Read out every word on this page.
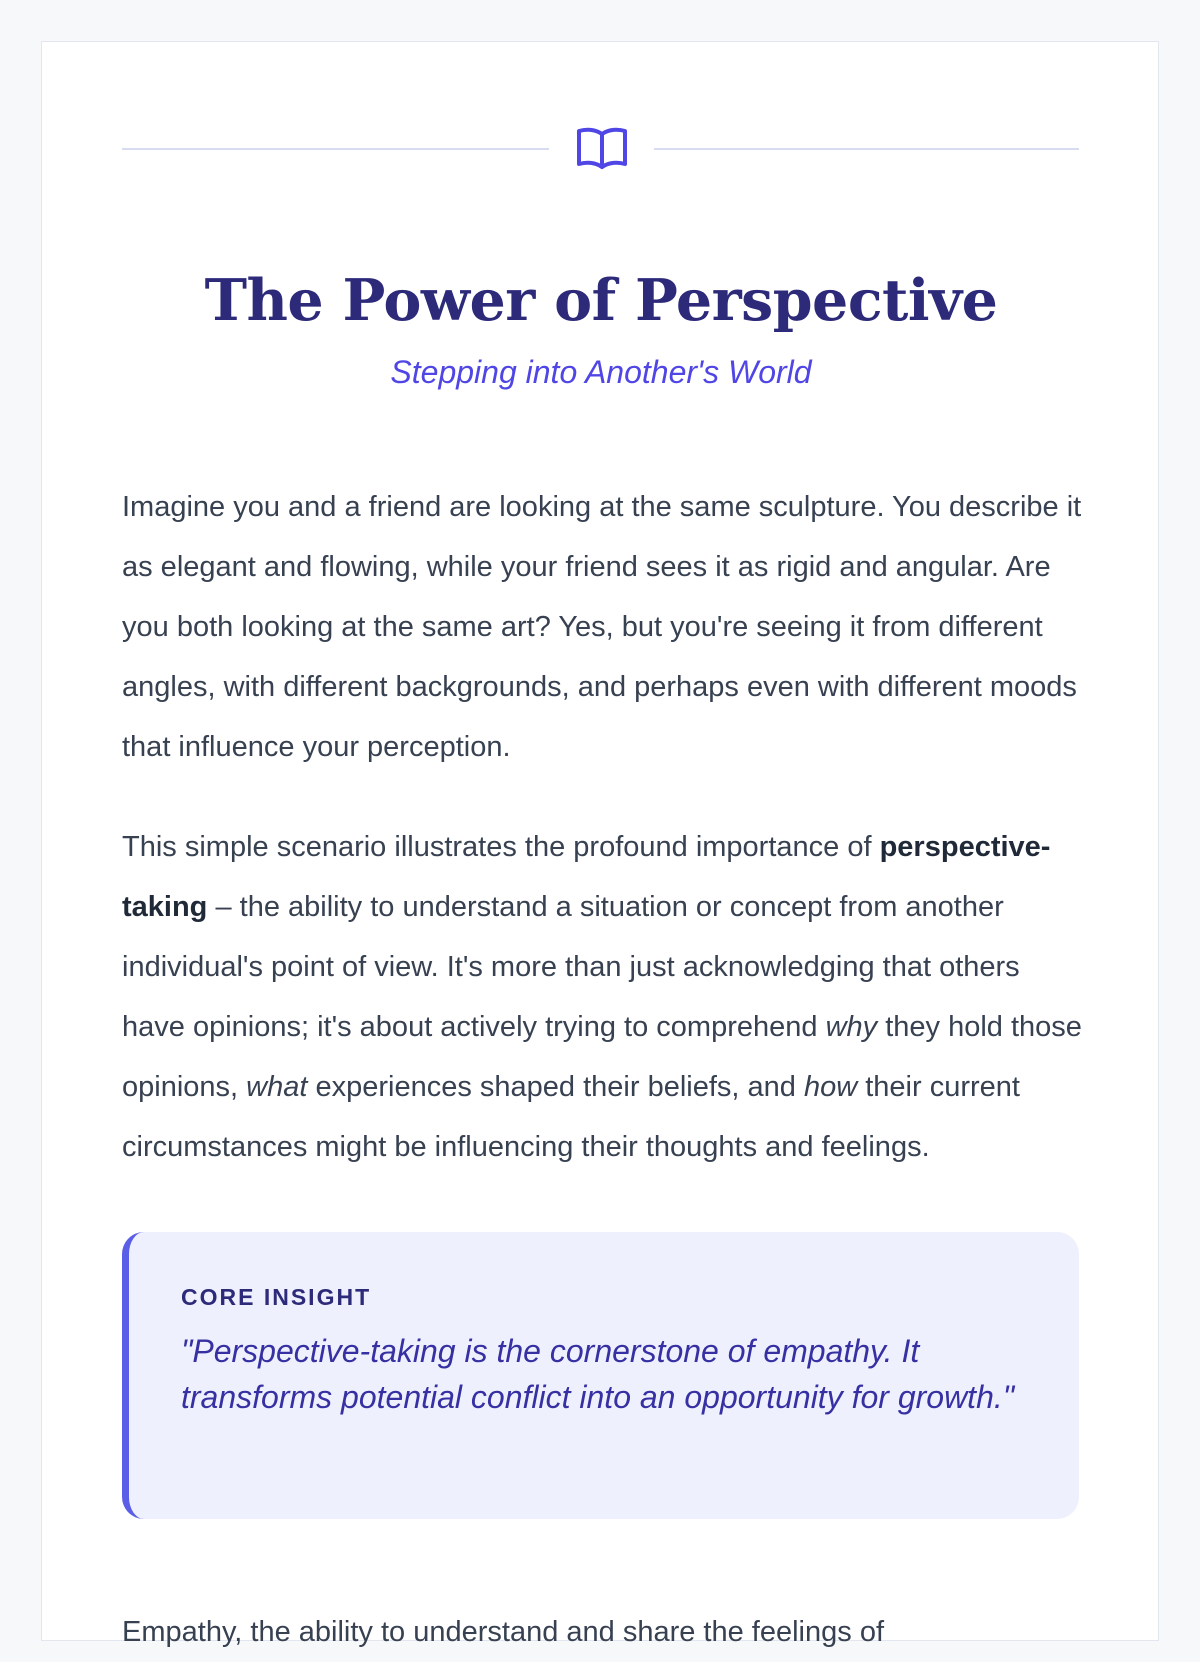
The Power of Perspective

Stepping into Another's World

Imagine you and a friend are looking at the same sculpture. You describe it as elegant and flowing, while your friend sees it as rigid and angular. Are you both looking at the same art? Yes, but you're seeing it from different angles, with different backgrounds, and perhaps even with different moods that influence your perception.

This simple scenario illustrates the profound importance of perspective-taking – the ability to understand a situation or concept from another individual's point of view. It's more than just acknowledging that others have opinions; it's about actively trying to comprehend why they hold those opinions, what experiences shaped their beliefs, and how their current circumstances might be influencing their thoughts and feelings.

CORE INSIGHT

"Perspective-taking is the cornerstone of empathy. It transforms potential conflict into an opportunity for growth."

Empathy, the ability to understand and share the feelings of
